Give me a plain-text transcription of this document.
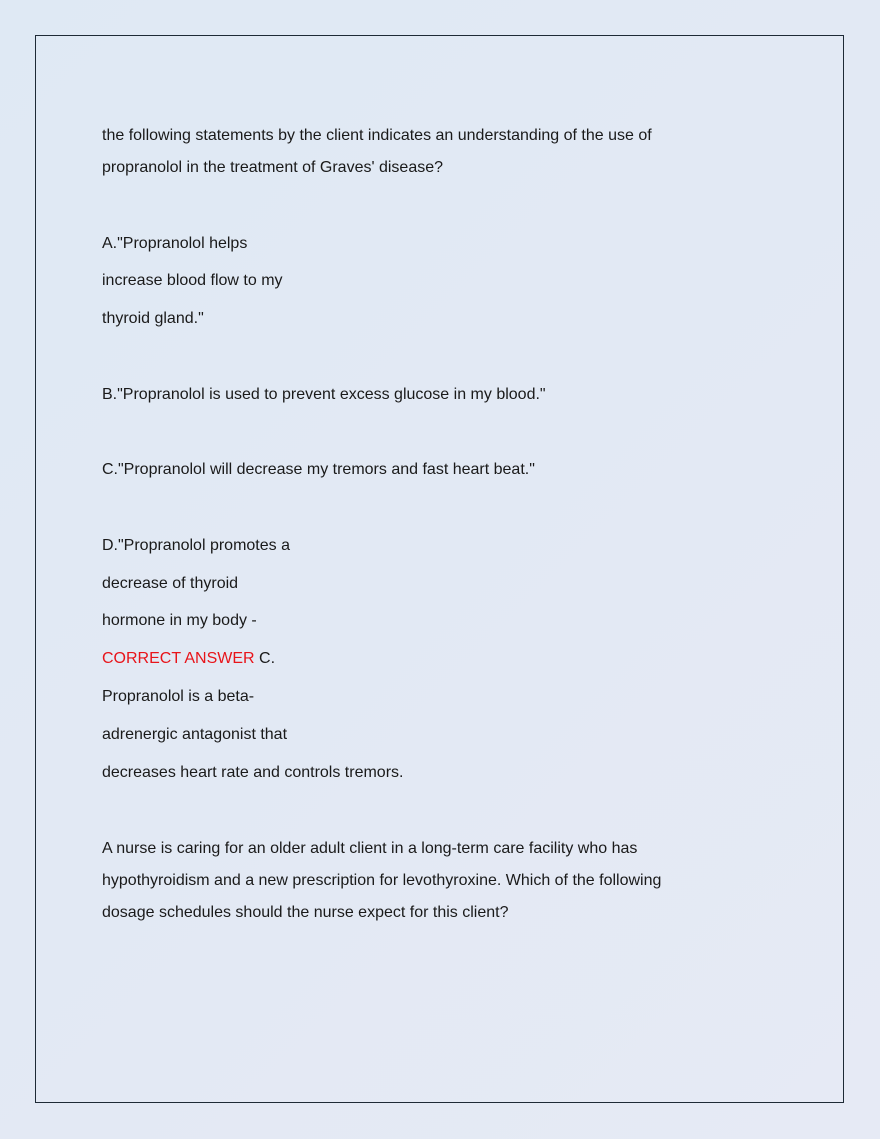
the following statements by the client indicates an understanding of the use of
propranolol in the treatment of Graves' disease?
A."Propranolol helps
increase blood flow to my
thyroid gland."
B."Propranolol is used to prevent excess glucose in my blood."
C."Propranolol will decrease my tremors and fast heart beat."
D."Propranolol promotes a
decrease of thyroid
hormone in my body -
CORRECT ANSWER C.
Propranolol is a beta-
adrenergic antagonist that
decreases heart rate and controls tremors.
A nurse is caring for an older adult client in a long-term care facility who has
hypothyroidism and a new prescription for levothyroxine. Which of the following
dosage schedules should the nurse expect for this client?
